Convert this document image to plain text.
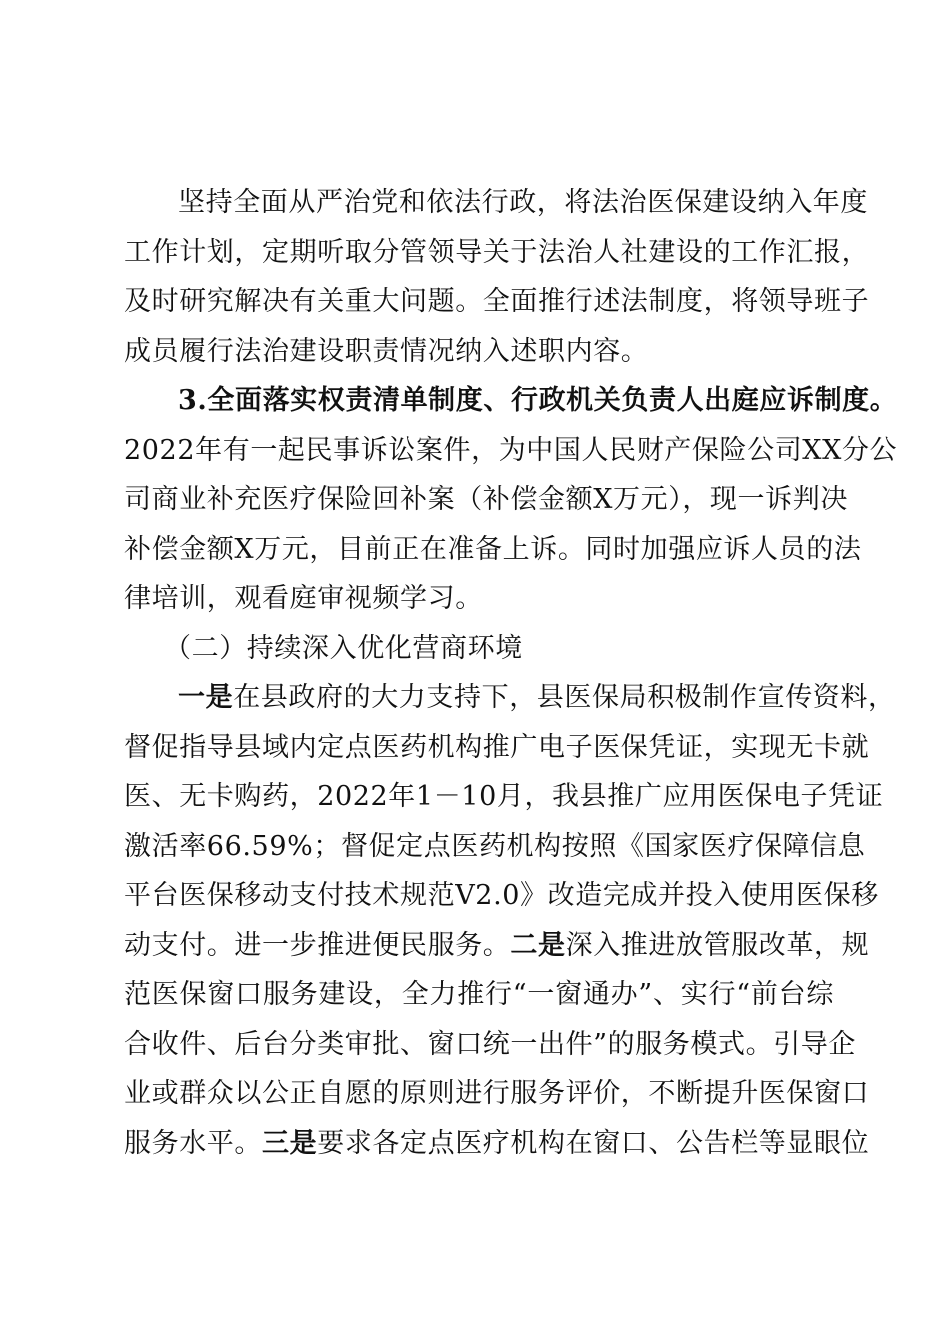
坚持全面从严治党和依法行政，将法治医保建设纳入年度
工作计划，定期听取分管领导关于法治人社建设的工作汇报，
及时研究解决有关重大问题。全面推行述法制度，将领导班子
成员履行法治建设职责情况纳入述职内容。
3.全面落实权责清单制度、行政机关负责人出庭应诉制度。
2022年有一起民事诉讼案件，为中国人民财产保险公司XX分公
司商业补充医疗保险回补案（补偿金额X万元），现一诉判决
补偿金额X万元，目前正在准备上诉。同时加强应诉人员的法
律培训，观看庭审视频学习。
（二）持续深入优化营商环境
一是在县政府的大力支持下，县医保局积极制作宣传资料，
督促指导县域内定点医药机构推广电子医保凭证，实现无卡就
医、无卡购药，2022年1－10月，我县推广应用医保电子凭证
激活率66.59%；督促定点医药机构按照《国家医疗保障信息
平台医保移动支付技术规范V2.0》改造完成并投入使用医保移
动支付。进一步推进便民服务。二是深入推进放管服改革，规
范医保窗口服务建设，全力推行“一窗通办”、实行“前台综
合收件、后台分类审批、窗口统一出件”的服务模式。引导企
业或群众以公正自愿的原则进行服务评价，不断提升医保窗口
服务水平。三是要求各定点医疗机构在窗口、公告栏等显眼位
